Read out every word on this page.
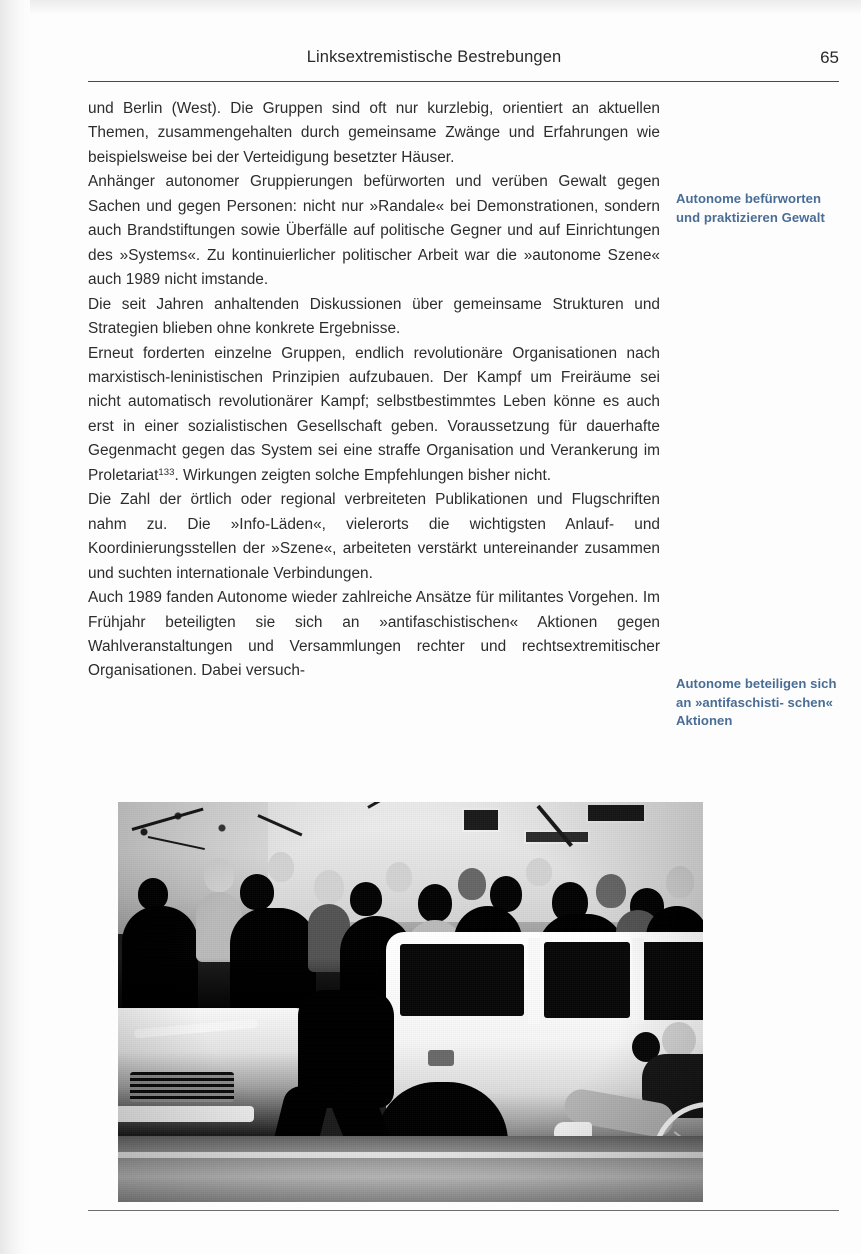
Linksextremistische Bestrebungen	65

und Berlin (West). Die Gruppen sind oft nur kurzlebig, orientiert an aktuellen Themen, zusammengehalten durch gemeinsame Zwänge und Erfahrungen wie beispielsweise bei der Verteidigung besetzter Häuser.

Anhänger autonomer Gruppierungen befürworten und verüben Gewalt gegen Sachen und gegen Personen: nicht nur »Randale« bei Demonstrationen, sondern auch Brandstiftungen sowie Überfälle auf politische Gegner und auf Einrichtungen des »Systems«. Zu kontinuierlicher politischer Arbeit war die »autonome Szene« auch 1989 nicht imstande.

Die seit Jahren anhaltenden Diskussionen über gemeinsame Strukturen und Strategien blieben ohne konkrete Ergebnisse.

Erneut forderten einzelne Gruppen, endlich revolutionäre Organisationen nach marxistisch-leninistischen Prinzipien aufzubauen. Der Kampf um Freiräume sei nicht automatisch revolutionärer Kampf; selbstbestimmtes Leben könne es auch erst in einer sozialistischen Gesellschaft geben. Voraussetzung für dauerhafte Gegenmacht gegen das System sei eine straffe Organisation und Verankerung im Proletariat$^{133}$. Wirkungen zeigten solche Empfehlungen bisher nicht.

Die Zahl der örtlich oder regional verbreiteten Publikationen und Flugschriften nahm zu. Die »Info-Läden«, vielerorts die wichtigsten Anlauf- und Koordinierungsstellen der »Szene«, arbeiteten verstärkt untereinander zusammen und suchten internationale Verbindungen.

Auch 1989 fanden Autonome wieder zahlreiche Ansätze für militantes Vorgehen. Im Frühjahr beteiligten sie sich an »antifaschistischen« Aktionen gegen Wahlveranstaltungen und Versammlungen rechter und rechtsextremitischer Organisationen. Dabei versuch-

Autonome befürworten und praktizieren Gewalt
Autonome beteiligen sich an »antifaschisti- schen« Aktionen
